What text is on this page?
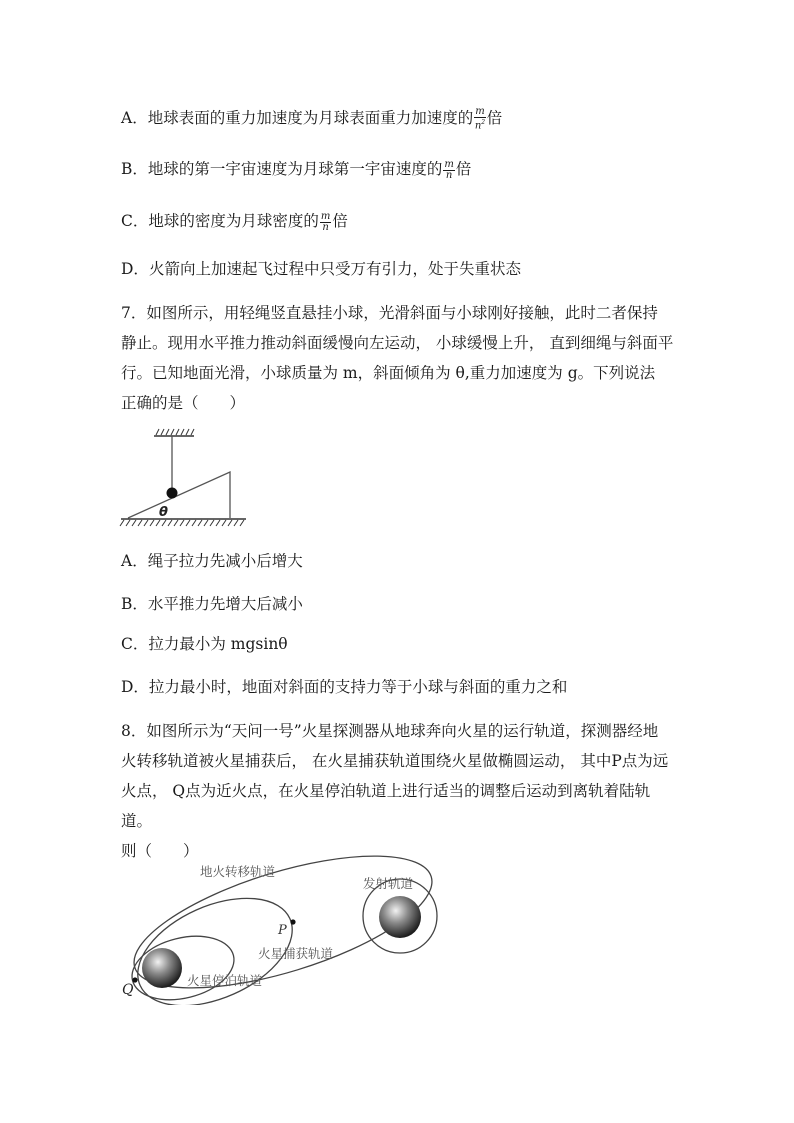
A．地球表面的重力加速度为月球表面重力加速度的 $\frac{m}{n^2}$ 倍
B．地球的第一宇宙速度为月球第一宇宙速度的 $\frac{m}{n}$ 倍
C．地球的密度为月球密度的 $\frac{m}{n}$ 倍
D．火箭向上加速起飞过程中只受万有引力，处于失重状态
7．如图所示，用轻绳竖直悬挂小球，光滑斜面与小球刚好接触，此时二者保持
静止。现用水平推力推动斜面缓慢向左运动， 小球缓慢上升， 直到细绳与斜面平
行。已知地面光滑，小球质量为 m，斜面倾角为 θ,重力加速度为 g。下列说法
正确的是（　　）
θ
A．绳子拉力先减小后增大
B．水平推力先增大后减小
C．拉力最小为 mgsinθ
D．拉力最小时，地面对斜面的支持力等于小球与斜面的重力之和
8．如图所示为“天问一号”火星探测器从地球奔向火星的运行轨道，探测器经地
火转移轨道被火星捕获后， 在火星捕获轨道围绕火星做椭圆运动， 其中P点为远
火点， Q点为近火点，在火星停泊轨道上进行适当的调整后运动到离轨着陆轨道。
则（　　）
地火转移轨道
发射轨道
火星捕获轨道
火星停泊轨道
P
Q
